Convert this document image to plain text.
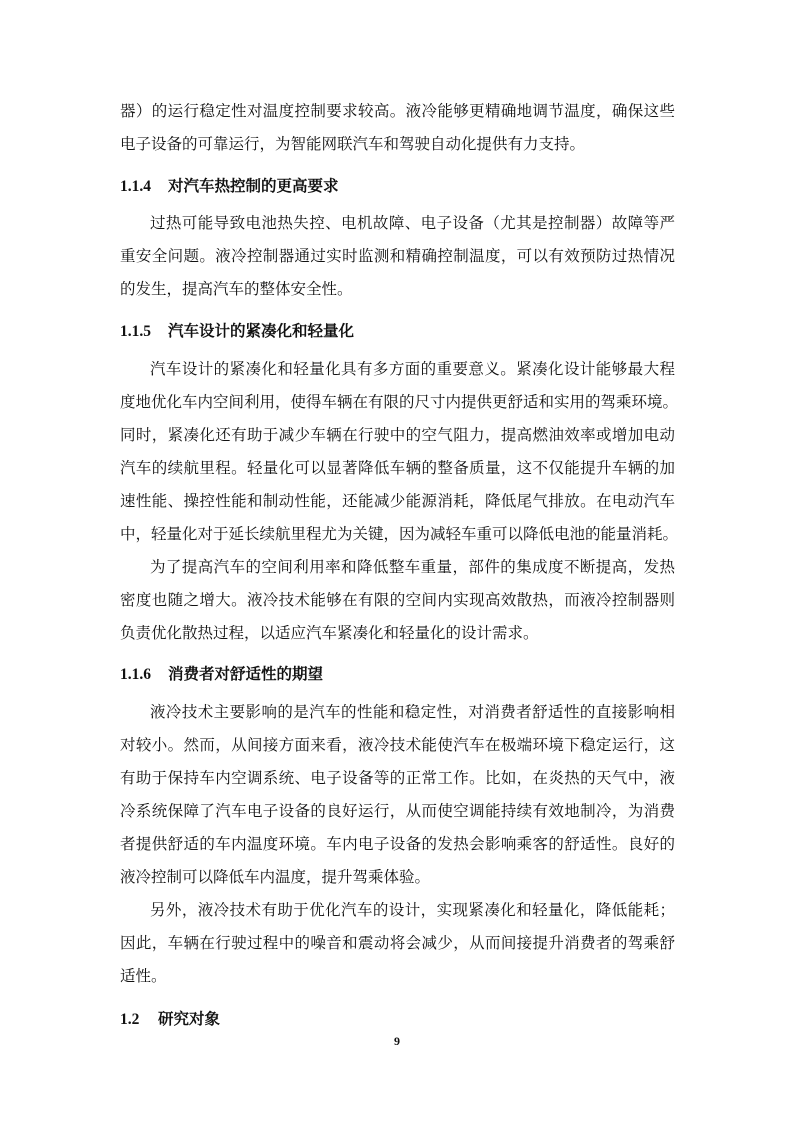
器）的运行稳定性对温度控制要求较高。液冷能够更精确地调节温度，确保这些
电子设备的可靠运行，为智能网联汽车和驾驶自动化提供有力支持。
1.1.4 对汽车热控制的更高要求
过热可能导致电池热失控、电机故障、电子设备（尤其是控制器）故障等严
重安全问题。液冷控制器通过实时监测和精确控制温度，可以有效预防过热情况
的发生，提高汽车的整体安全性。
1.1.5 汽车设计的紧凑化和轻量化
汽车设计的紧凑化和轻量化具有多方面的重要意义。紧凑化设计能够最大程
度地优化车内空间利用，使得车辆在有限的尺寸内提供更舒适和实用的驾乘环境。
同时，紧凑化还有助于减少车辆在行驶中的空气阻力，提高燃油效率或增加电动
汽车的续航里程。轻量化可以显著降低车辆的整备质量，这不仅能提升车辆的加
速性能、操控性能和制动性能，还能减少能源消耗，降低尾气排放。在电动汽车
中，轻量化对于延长续航里程尤为关键，因为减轻车重可以降低电池的能量消耗。
为了提高汽车的空间利用率和降低整车重量，部件的集成度不断提高，发热
密度也随之增大。液冷技术能够在有限的空间内实现高效散热，而液冷控制器则
负责优化散热过程，以适应汽车紧凑化和轻量化的设计需求。
1.1.6 消费者对舒适性的期望
液冷技术主要影响的是汽车的性能和稳定性，对消费者舒适性的直接影响相
对较小。然而，从间接方面来看，液冷技术能使汽车在极端环境下稳定运行，这
有助于保持车内空调系统、电子设备等的正常工作。比如，在炎热的天气中，液
冷系统保障了汽车电子设备的良好运行，从而使空调能持续有效地制冷，为消费
者提供舒适的车内温度环境。车内电子设备的发热会影响乘客的舒适性。良好的
液冷控制可以降低车内温度，提升驾乘体验。
另外，液冷技术有助于优化汽车的设计，实现紧凑化和轻量化，降低能耗；
因此，车辆在行驶过程中的噪音和震动将会减少，从而间接提升消费者的驾乘舒
适性。
1.2 研究对象
9
